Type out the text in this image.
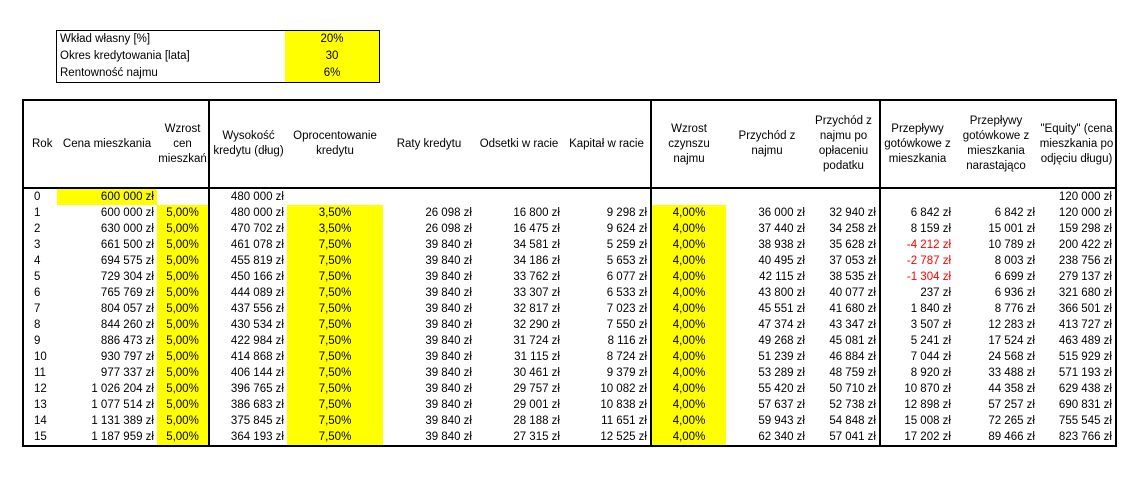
Wkład własny [%]	20%
Okres kredytowania [lata]	30
Rentowność najmu	6%
Rok	Cena mieszkania	Wzrost cen mieszkań	Wysokość kredytu (dług)	Oprocentowanie kredytu	Raty kredytu	Odsetki w racie	Kapitał w racie	Wzrost czynszu najmu	Przychód z najmu	Przychód z najmu po opłaceniu podatku	Przepływy gotówkowe z mieszkania	Przepływy gotówkowe z mieszkania narastająco	"Equity" (cena mieszkania po odjęciu długu)
0	600 000 zł		480 000 zł										120 000 zł
1	600 000 zł	5,00%	480 000 zł	3,50%	26 098 zł	16 800 zł	9 298 zł	4,00%	36 000 zł	32 940 zł	6 842 zł	6 842 zł	120 000 zł
2	630 000 zł	5,00%	470 702 zł	3,50%	26 098 zł	16 475 zł	9 624 zł	4,00%	37 440 zł	34 258 zł	8 159 zł	15 001 zł	159 298 zł
3	661 500 zł	5,00%	461 078 zł	7,50%	39 840 zł	34 581 zł	5 259 zł	4,00%	38 938 zł	35 628 zł	-4 212 zł	10 789 zł	200 422 zł
4	694 575 zł	5,00%	455 819 zł	7,50%	39 840 zł	34 186 zł	5 653 zł	4,00%	40 495 zł	37 053 zł	-2 787 zł	8 003 zł	238 756 zł
5	729 304 zł	5,00%	450 166 zł	7,50%	39 840 zł	33 762 zł	6 077 zł	4,00%	42 115 zł	38 535 zł	-1 304 zł	6 699 zł	279 137 zł
6	765 769 zł	5,00%	444 089 zł	7,50%	39 840 zł	33 307 zł	6 533 zł	4,00%	43 800 zł	40 077 zł	237 zł	6 936 zł	321 680 zł
7	804 057 zł	5,00%	437 556 zł	7,50%	39 840 zł	32 817 zł	7 023 zł	4,00%	45 551 zł	41 680 zł	1 840 zł	8 776 zł	366 501 zł
8	844 260 zł	5,00%	430 534 zł	7,50%	39 840 zł	32 290 zł	7 550 zł	4,00%	47 374 zł	43 347 zł	3 507 zł	12 283 zł	413 727 zł
9	886 473 zł	5,00%	422 984 zł	7,50%	39 840 zł	31 724 zł	8 116 zł	4,00%	49 268 zł	45 081 zł	5 241 zł	17 524 zł	463 489 zł
10	930 797 zł	5,00%	414 868 zł	7,50%	39 840 zł	31 115 zł	8 724 zł	4,00%	51 239 zł	46 884 zł	7 044 zł	24 568 zł	515 929 zł
11	977 337 zł	5,00%	406 144 zł	7,50%	39 840 zł	30 461 zł	9 379 zł	4,00%	53 289 zł	48 759 zł	8 920 zł	33 488 zł	571 193 zł
12	1 026 204 zł	5,00%	396 765 zł	7,50%	39 840 zł	29 757 zł	10 082 zł	4,00%	55 420 zł	50 710 zł	10 870 zł	44 358 zł	629 438 zł
13	1 077 514 zł	5,00%	386 683 zł	7,50%	39 840 zł	29 001 zł	10 838 zł	4,00%	57 637 zł	52 738 zł	12 898 zł	57 257 zł	690 831 zł
14	1 131 389 zł	5,00%	375 845 zł	7,50%	39 840 zł	28 188 zł	11 651 zł	4,00%	59 943 zł	54 848 zł	15 008 zł	72 265 zł	755 545 zł
15	1 187 959 zł	5,00%	364 193 zł	7,50%	39 840 zł	27 315 zł	12 525 zł	4,00%	62 340 zł	57 041 zł	17 202 zł	89 466 zł	823 766 zł
